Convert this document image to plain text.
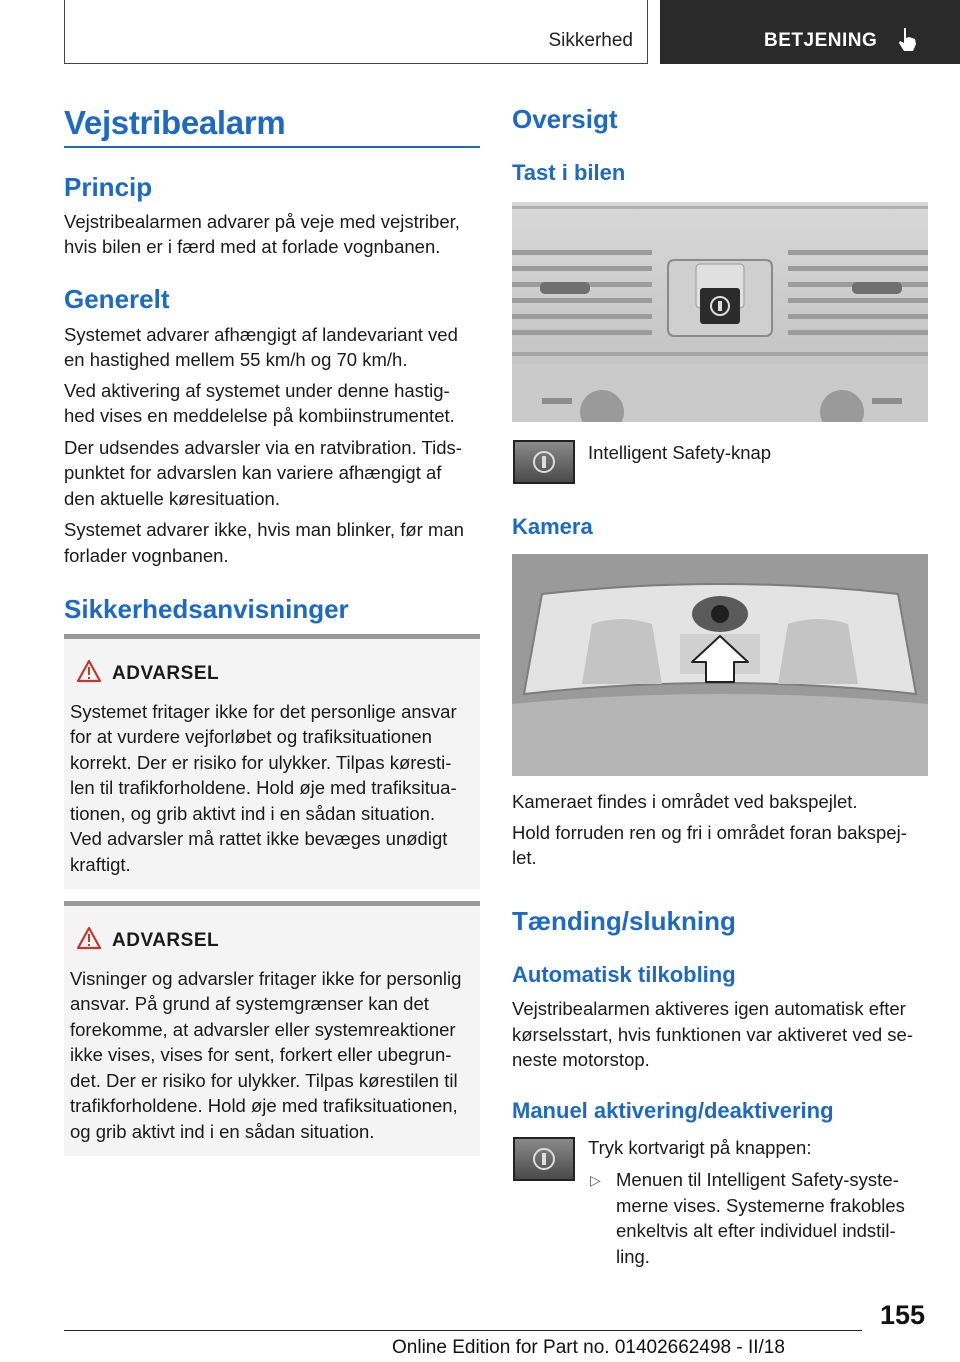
Sikkerhed	BETJENING
Vejstribealarm
Princip

Vejstribealarmen advarer på veje med vejstriber,

hvis bilen er i færd med at forlade vognbanen.

Generelt

Systemet advarer afhængigt af landevariant ved

en hastighed mellem 55 km/h og 70 km/h.

Ved aktivering af systemet under denne hastig‐

hed vises en meddelelse på kombiinstrumentet.

Der udsendes advarsler via en ratvibration. Tids‐

punktet for advarslen kan variere afhængigt af

den aktuelle køresituation.

Systemet advarer ikke, hvis man blinker, før man

forlader vognbanen.

Sikkerhedsanvisninger
ADVARSEL

Systemet fritager ikke for det personlige ansvar

for at vurdere vejforløbet og trafiksituationen

korrekt. Der er risiko for ulykker. Tilpas køresti‐

len til trafikforholdene. Hold øje med trafiksitua‐

tionen, og grib aktivt ind i en sådan situation.

Ved advarsler må rattet ikke bevæges unødigt

kraftigt.

ADVARSEL

Visninger og advarsler fritager ikke for personlig

ansvar. På grund af systemgrænser kan det

forekomme, at advarsler eller systemreaktioner

ikke vises, vises for sent, forkert eller ubegrun‐

det. Der er risiko for ulykker. Tilpas kørestilen til

trafikforholdene. Hold øje med trafiksituationen,

og grib aktivt ind i en sådan situation.

Oversigt
Tast i bilen

Intelligent Safety-knap

Kamera

Kameraet findes i området ved bakspejlet.

Hold forruden ren og fri i området foran bakspej‐

let.

Tænding/slukning
Automatisk tilkobling

Vejstribealarmen aktiveres igen automatisk efter

kørselsstart, hvis funktionen var aktiveret ved se‐

neste motorstop.

Manuel aktivering/deaktivering

Tryk kortvarigt på knappen:

▷ Menuen til Intelligent Safety-syste‐

merne vises. Systemerne frakobles

enkeltvis alt efter individuel indstil‐

ling.

155
Online Edition for Part no. 01402662498 - II/18
